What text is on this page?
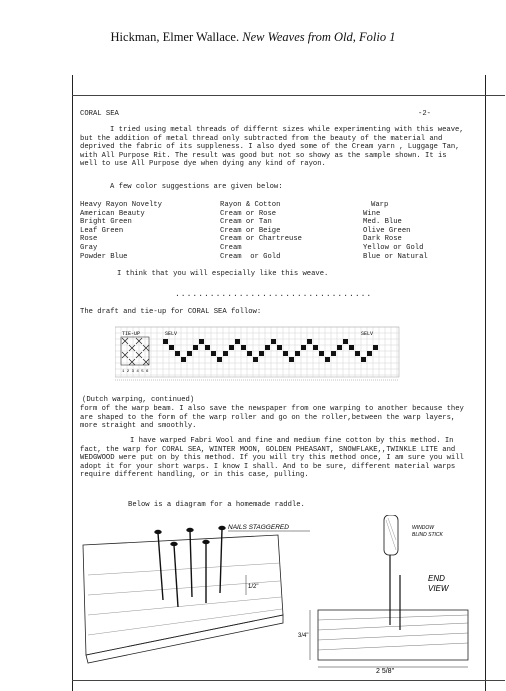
Hickman, Elmer Wallace. New Weaves from Old, Folio 1
CORAL SEA	-2-
I tried using metal threads of differnt sizes while experimenting with this weave, but the addition of metal thread only subtracted from the beauty of the material and deprived the fabric of its suppleness. I also dyed some of the Cream yarn , Luggage Tan, with All Purpose Rit. The result was good but not so showy as the sample shown. It is well to use All Purpose dye when dying any kind of rayon.
A few color suggestions are given below:
Heavy Rayon Novelty
American Beauty
Bright Green
Leaf Green
Rose
Gray
Powder Blue
Rayon & Cotton
Cream or Rose
Cream or Tan
Cream or Beige
Cream or Chartreuse
Cream
Cream  or Gold
Warp
Wine
Med. Blue
Olive Green
Dark Rose
Yellow or Gold
Blue or Natural
I think that you will especially like this weave.
..................................
The draft and tie-up for CORAL SEA follow:
TIE-UP
1 2 3 4 5 6
SELV
SELV
(Dutch warping, continued)
form of the warp beam. I also save the newspaper from one warping to another because they are shaped to the form of the warp roller and go on the roller,between the warp layers, more straight and smoothly.
I have warped Fabri Wool and fine and medium fine cotton by this method. In fact, the warp for CORAL SEA, WINTER MOON, GOLDEN PHEASANT, SNOWFLAKE,,TWINKLE LITE and WEDGWOOD were put on by this method. If you will try this method once, I am sure you will adopt it for your short warps. I know I shall. And to be sure, different material warps require different handling, or in this case, pulling.
Below is a diagram for a homemade raddle.
1/2"
NAILS STAGGERED	WINDOW
BLIND STICK
END
VIEW
3/4"
2 5/8"
